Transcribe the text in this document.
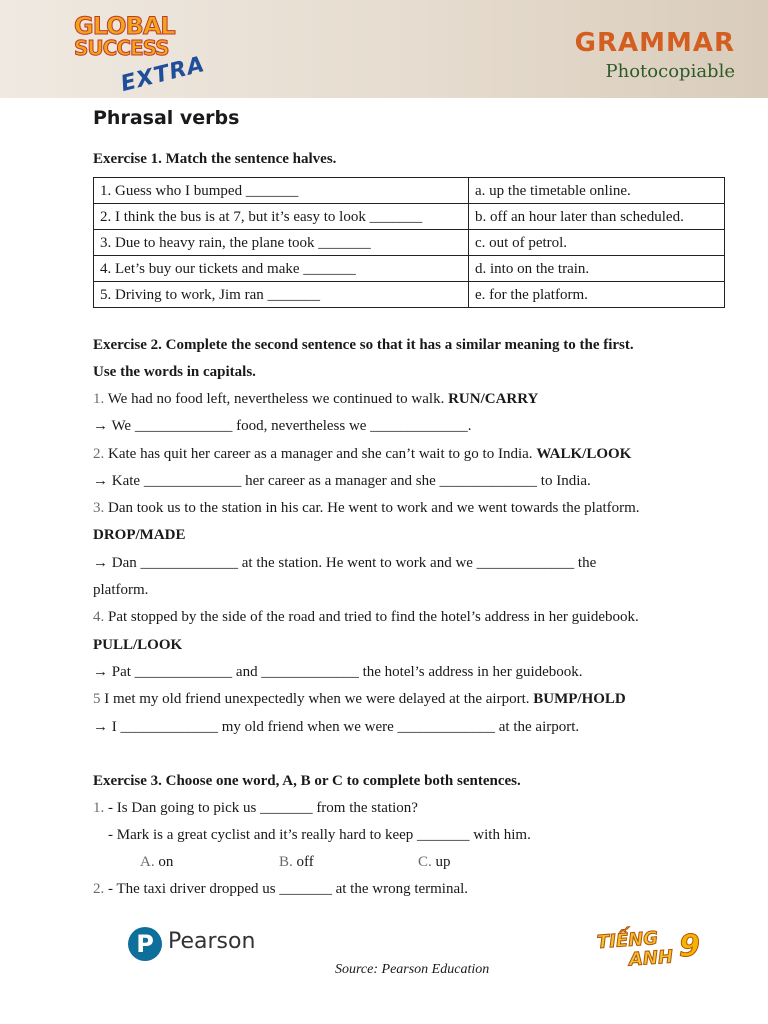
GLOBAL
SUCCESS
EXTRA
GRAMMAR
Photocopiable
Phrasal verbs
Exercise 1. Match the sentence halves.
1. Guess who I bumped _______	a. up the timetable online.
2. I think the bus is at 7, but it’s easy to look _______	b. off an hour later than scheduled.
3. Due to heavy rain, the plane took _______	c. out of petrol.
4. Let’s buy our tickets and make _______	d. into on the train.
5. Driving to work, Jim ran _______	e. for the platform.
Exercise 2. Complete the second sentence so that it has a similar meaning to the first.
Use the words in capitals.
1. We had no food left, nevertheless we continued to walk. RUN/CARRY
→ We _____________ food, nevertheless we _____________.
2. Kate has quit her career as a manager and she can’t wait to go to India. WALK/LOOK
→ Kate _____________ her career as a manager and she _____________ to India.
3. Dan took us to the station in his car. He went to work and we went towards the platform.
DROP/MADE
→ Dan _____________ at the station. He went to work and we _____________ the
platform.
4. Pat stopped by the side of the road and tried to find the hotel’s address in her guidebook.
PULL/LOOK
→ Pat _____________ and _____________ the hotel’s address in her guidebook.
5 I met my old friend unexpectedly when we were delayed at the airport. BUMP/HOLD
→ I _____________ my old friend when we were _____________ at the airport.
Exercise 3. Choose one word, A, B or C to complete both sentences.
1. - Is Dan going to pick us _______ from the station?
- Mark is a great cyclist and it’s really hard to keep _______ with him.
A. on	B. off	C. up
2. - The taxi driver dropped us _______ at the wrong terminal.
P Pearson
Source: Pearson Education
TIẾNG
ANH 9
